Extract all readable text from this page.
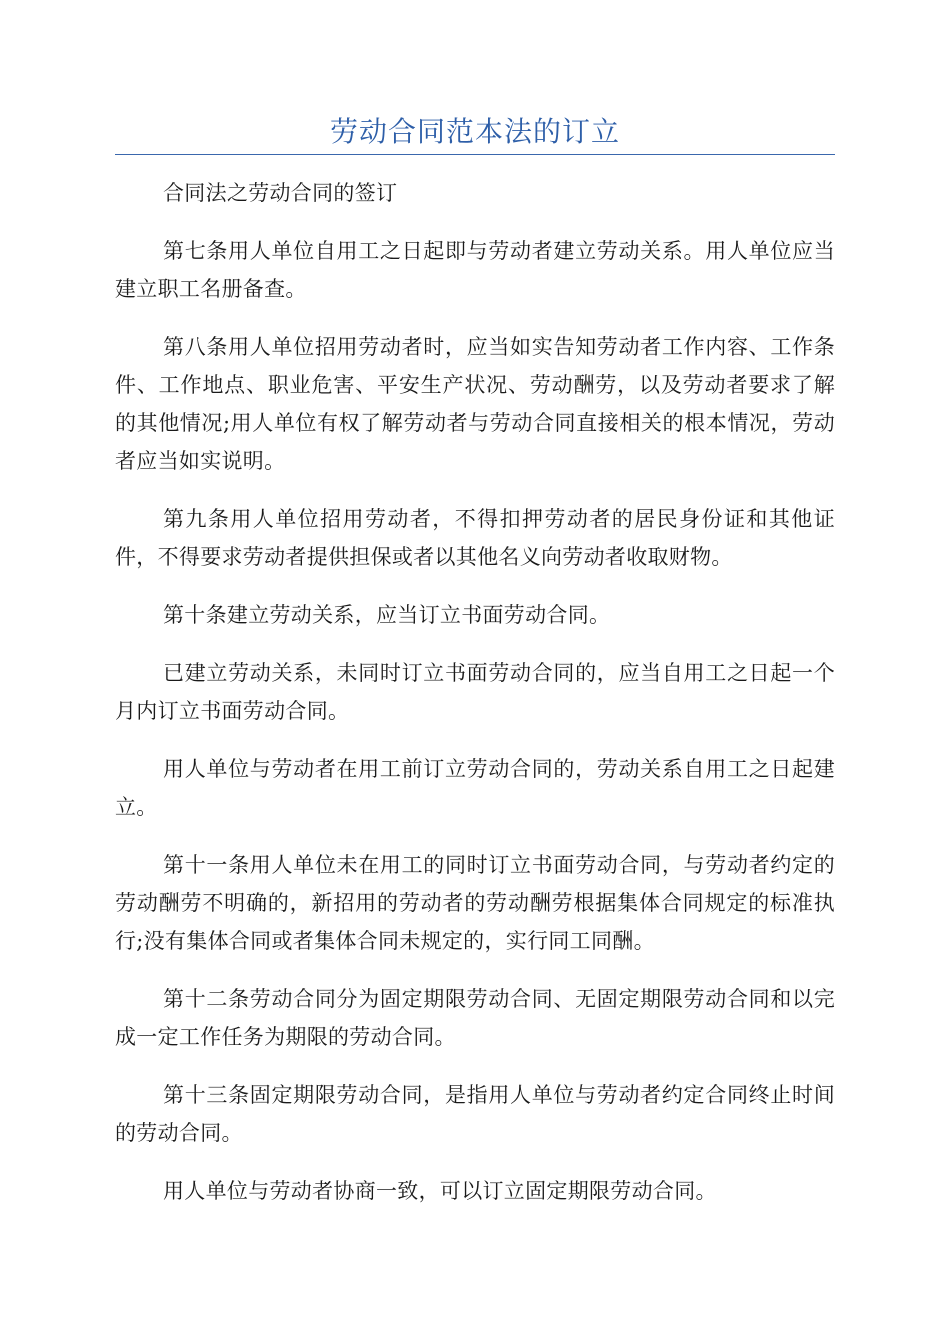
劳动合同范本法的订立

合同法之劳动合同的签订

第七条用人单位自用工之日起即与劳动者建立劳动关系。用人单位应当建立职工名册备查。

第八条用人单位招用劳动者时，应当如实告知劳动者工作内容、工作条件、工作地点、职业危害、平安生产状况、劳动酬劳，以及劳动者要求了解的其他情况;用人单位有权了解劳动者与劳动合同直接相关的根本情况，劳动者应当如实说明。

第九条用人单位招用劳动者，不得扣押劳动者的居民身份证和其他证件，不得要求劳动者提供担保或者以其他名义向劳动者收取财物。

第十条建立劳动关系，应当订立书面劳动合同。

已建立劳动关系，未同时订立书面劳动合同的，应当自用工之日起一个月内订立书面劳动合同。

用人单位与劳动者在用工前订立劳动合同的，劳动关系自用工之日起建立。

第十一条用人单位未在用工的同时订立书面劳动合同，与劳动者约定的劳动酬劳不明确的，新招用的劳动者的劳动酬劳根据集体合同规定的标准执行;没有集体合同或者集体合同未规定的，实行同工同酬。

第十二条劳动合同分为固定期限劳动合同、无固定期限劳动合同和以完成一定工作任务为期限的劳动合同。

第十三条固定期限劳动合同，是指用人单位与劳动者约定合同终止时间的劳动合同。

用人单位与劳动者协商一致，可以订立固定期限劳动合同。
